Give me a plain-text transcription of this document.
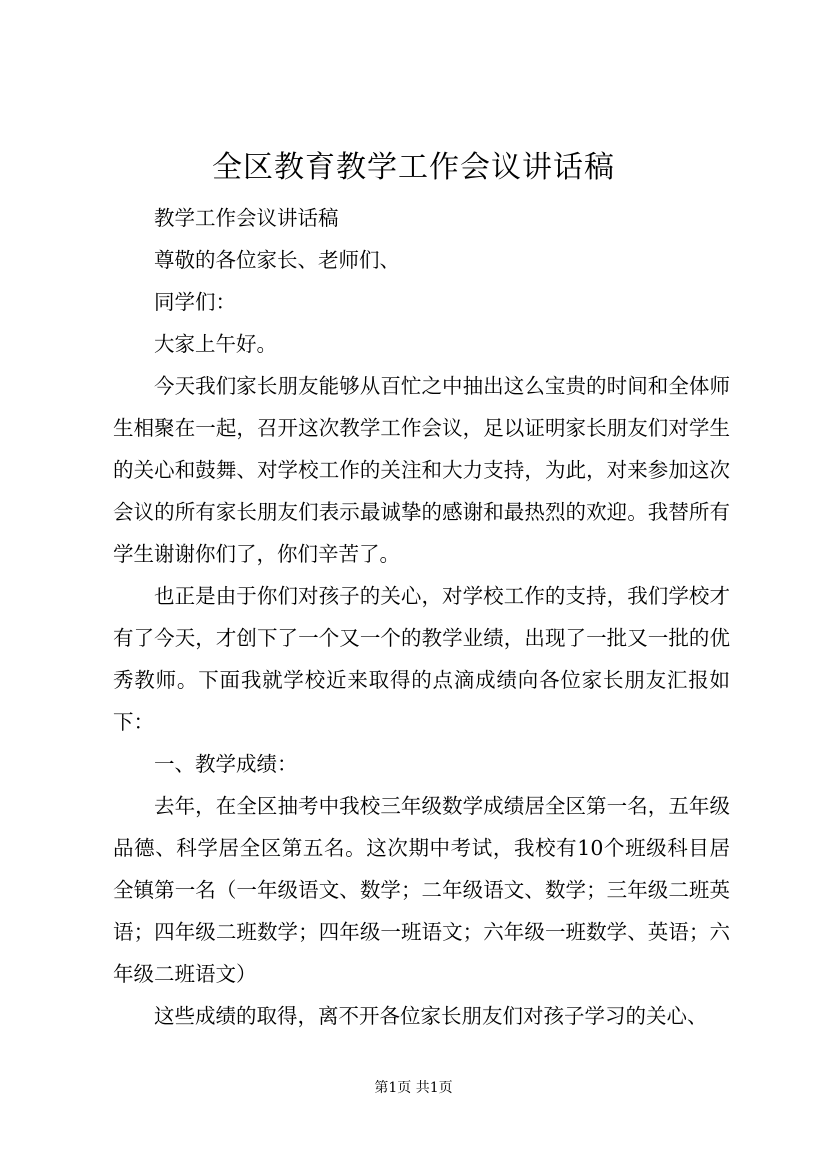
全区教育教学工作会议讲话稿

教学工作会议讲话稿

尊敬的各位家长、老师们、

同学们：

大家上午好。

今天我们家长朋友能够从百忙之中抽出这么宝贵的时间和全体师生相聚在一起，召开这次教学工作会议，足以证明家长朋友们对学生的关心和鼓舞、对学校工作的关注和大力支持，为此，对来参加这次会议的所有家长朋友们表示最诚挚的感谢和最热烈的欢迎。我替所有学生谢谢你们了，你们辛苦了。

也正是由于你们对孩子的关心，对学校工作的支持，我们学校才有了今天，才创下了一个又一个的教学业绩，出现了一批又一批的优秀教师。下面我就学校近来取得的点滴成绩向各位家长朋友汇报如下：

一、教学成绩：

去年，在全区抽考中我校三年级数学成绩居全区第一名，五年级品德、科学居全区第五名。这次期中考试，我校有10个班级科目居全镇第一名（一年级语文、数学；二年级语文、数学；三年级二班英语；四年级二班数学；四年级一班语文；六年级一班数学、英语；六年级二班语文）

这些成绩的取得，离不开各位家长朋友们对孩子学习的关心、

第1页 共1页
